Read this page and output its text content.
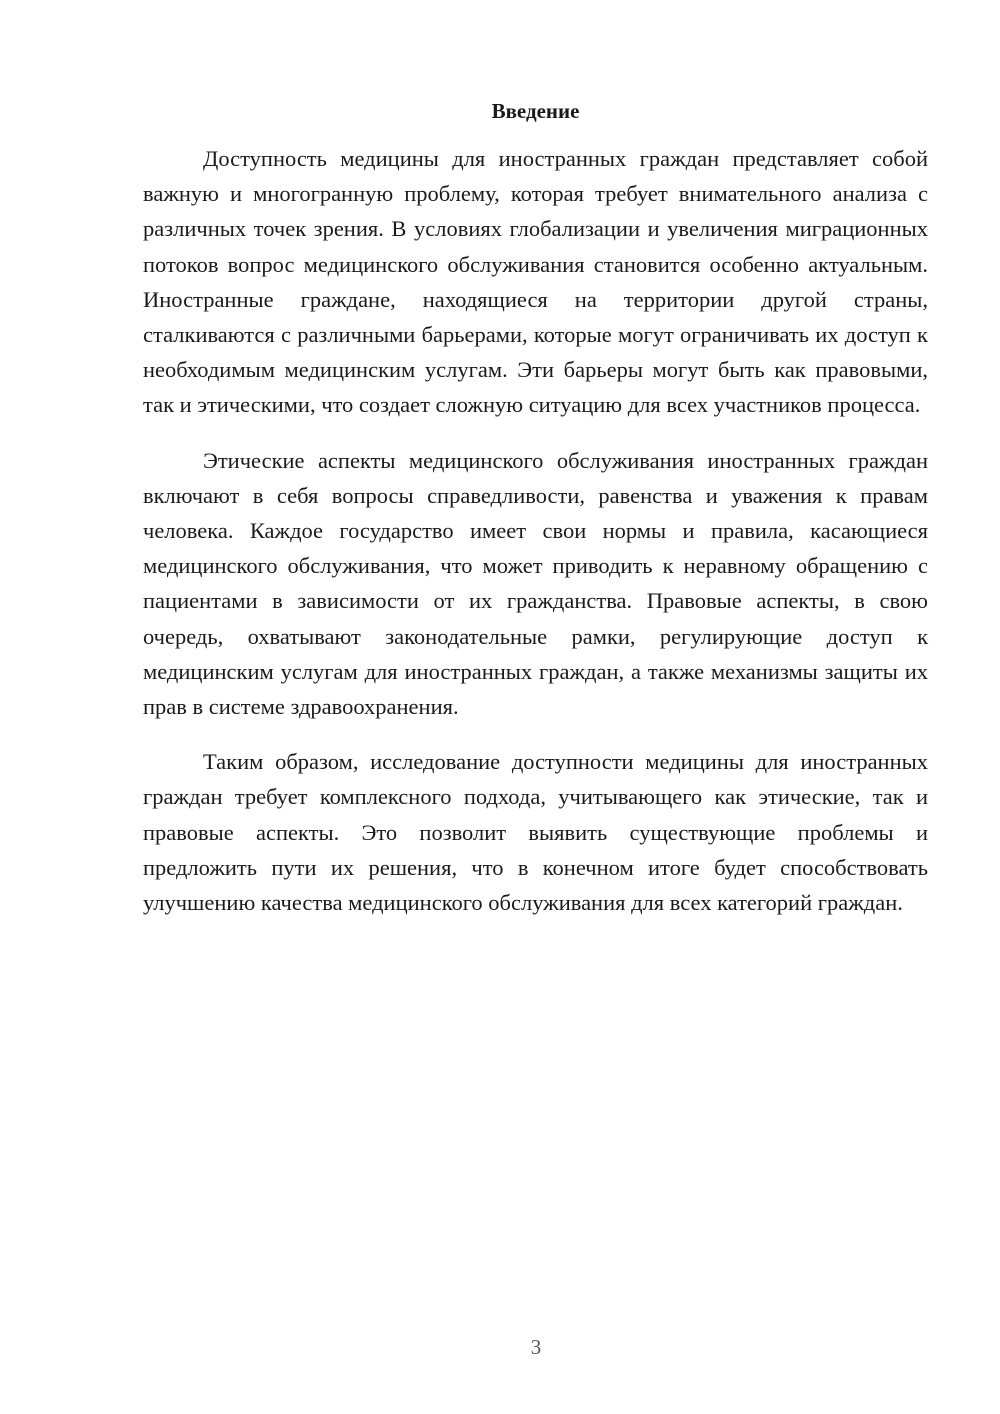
Введение

Доступность медицины для иностранных граждан представляет собой важную и многогранную проблему, которая требует внимательного анализа с различных точек зрения. В условиях глобализации и увеличения миграционных потоков вопрос медицинского обслуживания становится особенно актуальным. Иностранные граждане, находящиеся на территории другой страны, сталкиваются с различными барьерами, которые могут ограничивать их доступ к необходимым медицинским услугам. Эти барьеры могут быть как правовыми, так и этическими, что создает сложную ситуацию для всех участников процесса.

Этические аспекты медицинского обслуживания иностранных граждан включают в себя вопросы справедливости, равенства и уважения к правам человека. Каждое государство имеет свои нормы и правила, касающиеся медицинского обслуживания, что может приводить к неравному обращению с пациентами в зависимости от их гражданства. Правовые аспекты, в свою очередь, охватывают законодательные рамки, регулирующие доступ к медицинским услугам для иностранных граждан, а также механизмы защиты их прав в системе здравоохранения.

Таким образом, исследование доступности медицины для иностранных граждан требует комплексного подхода, учитывающего как этические, так и правовые аспекты. Это позволит выявить существующие проблемы и предложить пути их решения, что в конечном итоге будет способствовать улучшению качества медицинского обслуживания для всех категорий граждан.

3
